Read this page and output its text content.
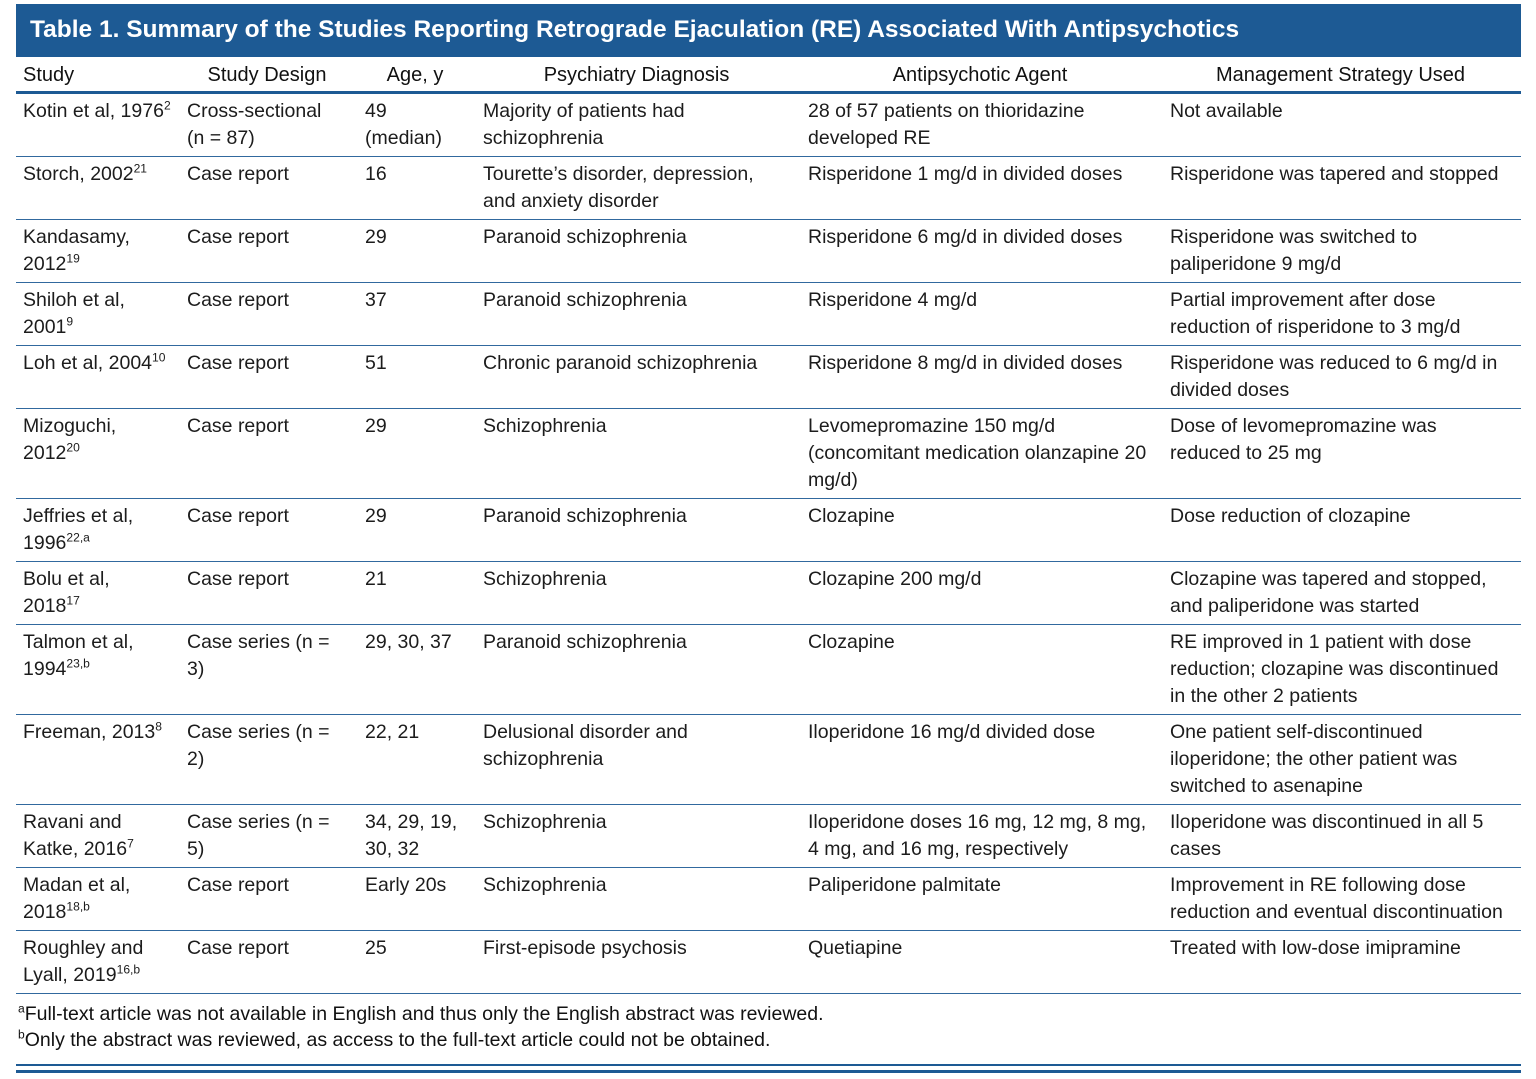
Table 1. Summary of the Studies Reporting Retrograde Ejaculation (RE) Associated With Antipsychotics
Study	Study Design	Age, y	Psychiatry Diagnosis	Antipsychotic Agent	Management Strategy Used
Kotin et al, 1976$^2$	Cross-sectional (n = 87)	49 (median)	Majority of patients had schizophrenia	28 of 57 patients on thioridazine developed RE	Not available
Storch, 2002$^{21}$	Case report	16	Tourette’s disorder, depression, and anxiety disorder	Risperidone 1 mg/d in divided doses	Risperidone was tapered and stopped
Kandasamy, 2012$^{19}$	Case report	29	Paranoid schizophrenia	Risperidone 6 mg/d in divided doses	Risperidone was switched to paliperidone 9 mg/d
Shiloh et al, 2001$^9$	Case report	37	Paranoid schizophrenia	Risperidone 4 mg/d	Partial improvement after dose reduction of risperidone to 3 mg/d
Loh et al, 2004$^{10}$	Case report	51	Chronic paranoid schizophrenia	Risperidone 8 mg/d in divided doses	Risperidone was reduced to 6 mg/d in divided doses
Mizoguchi, 2012$^{20}$	Case report	29	Schizophrenia	Levomepromazine 150 mg/d (concomitant medication olanzapine 20 mg/d)	Dose of levomepromazine was reduced to 25 mg
Jeffries et al, 1996$^{22,a}$	Case report	29	Paranoid schizophrenia	Clozapine	Dose reduction of clozapine
Bolu et al, 2018$^{17}$	Case report	21	Schizophrenia	Clozapine 200 mg/d	Clozapine was tapered and stopped, and paliperidone was started
Talmon et al, 1994$^{23,b}$	Case series (n = 3)	29, 30, 37	Paranoid schizophrenia	Clozapine	RE improved in 1 patient with dose reduction; clozapine was discontinued in the other 2 patients
Freeman, 2013$^8$	Case series (n = 2)	22, 21	Delusional disorder and schizophrenia	Iloperidone 16 mg/d divided dose	One patient self-discontinued iloperidone; the other patient was switched to asenapine
Ravani and Katke, 2016$^7$	Case series (n = 5)	34, 29, 19, 30, 32	Schizophrenia	Iloperidone doses 16 mg, 12 mg, 8 mg, 4 mg, and 16 mg, respectively	Iloperidone was discontinued in all 5 cases
Madan et al, 2018$^{18,b}$	Case report	Early 20s	Schizophrenia	Paliperidone palmitate	Improvement in RE following dose reduction and eventual discontinuation
Roughley and Lyall, 2019$^{16,b}$	Case report	25	First-episode psychosis	Quetiapine	Treated with low-dose imipramine
$^a$Full-text article was not available in English and thus only the English abstract was reviewed.
$^b$Only the abstract was reviewed, as access to the full-text article could not be obtained.
